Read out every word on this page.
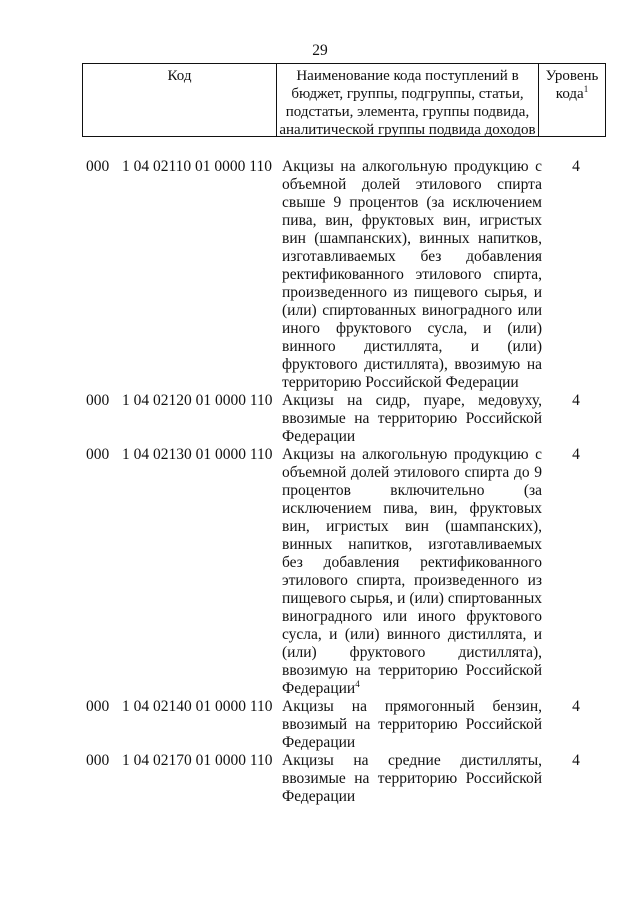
29
Код	Наименование кода поступлений в бюджет, группы, подгруппы, статьи, подстатьи, элемента, группы подвида, аналитической группы подвида доходов
Уровень
кода$^1$
000 1 04 02110 01 0000 110 Акцизы на алкогольную продукцию с объемной долей этилового спирта свыше 9 процентов (за исключением пива, вин, фруктовых вин, игристых вин (шампанских), винных напитков, изготавливаемых без добавления ректификованного этилового спирта, произведенного из пищевого сырья, и (или) спиртованных виноградного или иного фруктового сусла, и (или) винного дистиллята, и (или) фруктового дистиллята), ввозимую на территорию Российской Федерации
4
000 1 04 02120 01 0000 110 Акцизы на сидр, пуаре, медовуху, ввозимые на территорию Российской Федерации
4
000 1 04 02130 01 0000 110 Акцизы на алкогольную продукцию с объемной долей этилового спирта до 9 процентов включительно (за исключением пива, вин, фруктовых вин, игристых вин (шампанских), винных напитков, изготавливаемых без добавления ректификованного этилового спирта, произведенного из пищевого сырья, и (или) спиртованных виноградного или иного фруктового сусла, и (или) винного дистиллята, и (или) фруктового дистиллята), ввозимую на территорию Российской Федерации$^4$
4
000 1 04 02140 01 0000 110 Акцизы на прямогонный бензин, ввозимый на территорию Российской Федерации
4
000 1 04 02170 01 0000 110 Акцизы на средние дистилляты, ввозимые на территорию Российской Федерации
4
